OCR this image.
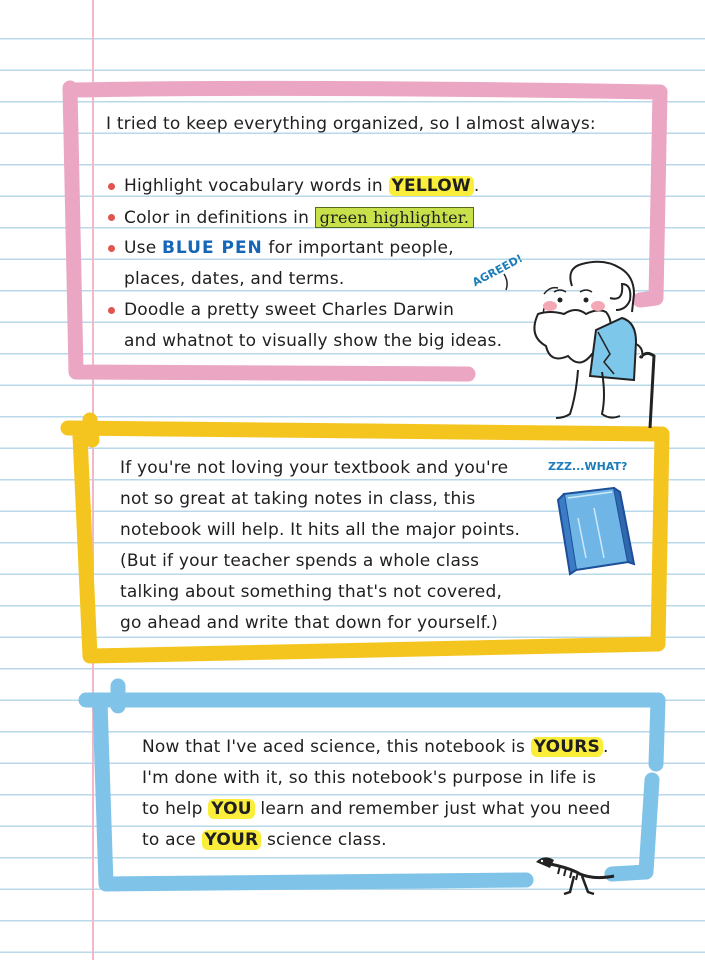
I tried to keep everything organized, so I almost always:
Highlight vocabulary words in YELLOW .
Color in definitions in green highlighter.
Use BLUE PEN for important people,
places, dates, and terms.
Doodle a pretty sweet Charles Darwin
and whatnot to visually show the big ideas.
AGREED!
If you're not loving your textbook and you're
not so great at taking notes in class, this
notebook will help. It hits all the major points.
(But if your teacher spends a whole class
talking about something that's not covered,
go ahead and write that down for yourself.)
ZZZ...WHAT?
Now that I've aced science, this notebook is YOURS .
I'm done with it, so this notebook's purpose in life is
to help YOU learn and remember just what you need
to ace YOUR science class.
